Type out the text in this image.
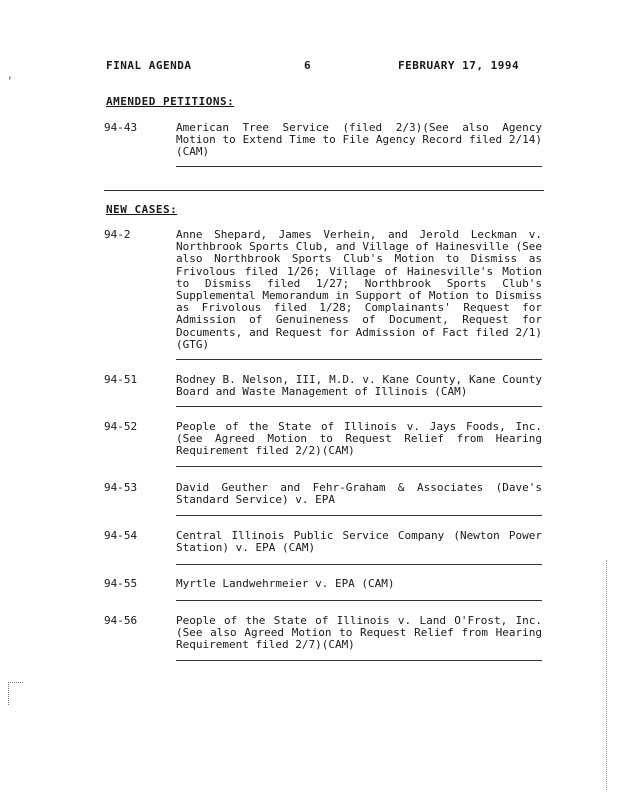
FINAL AGENDA	6	FEBRUARY 17, 1994
,
AMENDED PETITIONS:
94-43	American Tree Service (filed 2/3)(See also Agency Motion to Extend Time to File Agency Record filed 2/14)(CAM)
NEW CASES:
94-2	Anne Shepard, James Verhein, and Jerold Leckman v. Northbrook Sports Club, and Village of Hainesville (See also Northbrook Sports Club's Motion to Dismiss as Frivolous filed 1/26; Village of Hainesville's Motion to Dismiss filed 1/27; Northbrook Sports Club's Supplemental Memorandum in Support of Motion to Dismiss as Frivolous filed 1/28; Complainants' Request for Admission of Genuineness of Document, Request for Documents, and Request for Admission of Fact filed 2/1)(GTG)
94-51	Rodney B. Nelson, III, M.D. v. Kane County, Kane County Board and Waste Management of Illinois (CAM)
94-52	People of the State of Illinois v. Jays Foods, Inc. (See Agreed Motion to Request Relief from Hearing Requirement filed 2/2)(CAM)
94-53	David Geuther and Fehr-Graham & Associates (Dave's Standard Service) v. EPA
94-54	Central Illinois Public Service Company (Newton Power Station) v. EPA (CAM)
94-55	Myrtle Landwehrmeier v. EPA (CAM)
94-56	People of the State of Illinois v. Land O'Frost, Inc. (See also Agreed Motion to Request Relief from Hearing Requirement filed 2/7)(CAM)
